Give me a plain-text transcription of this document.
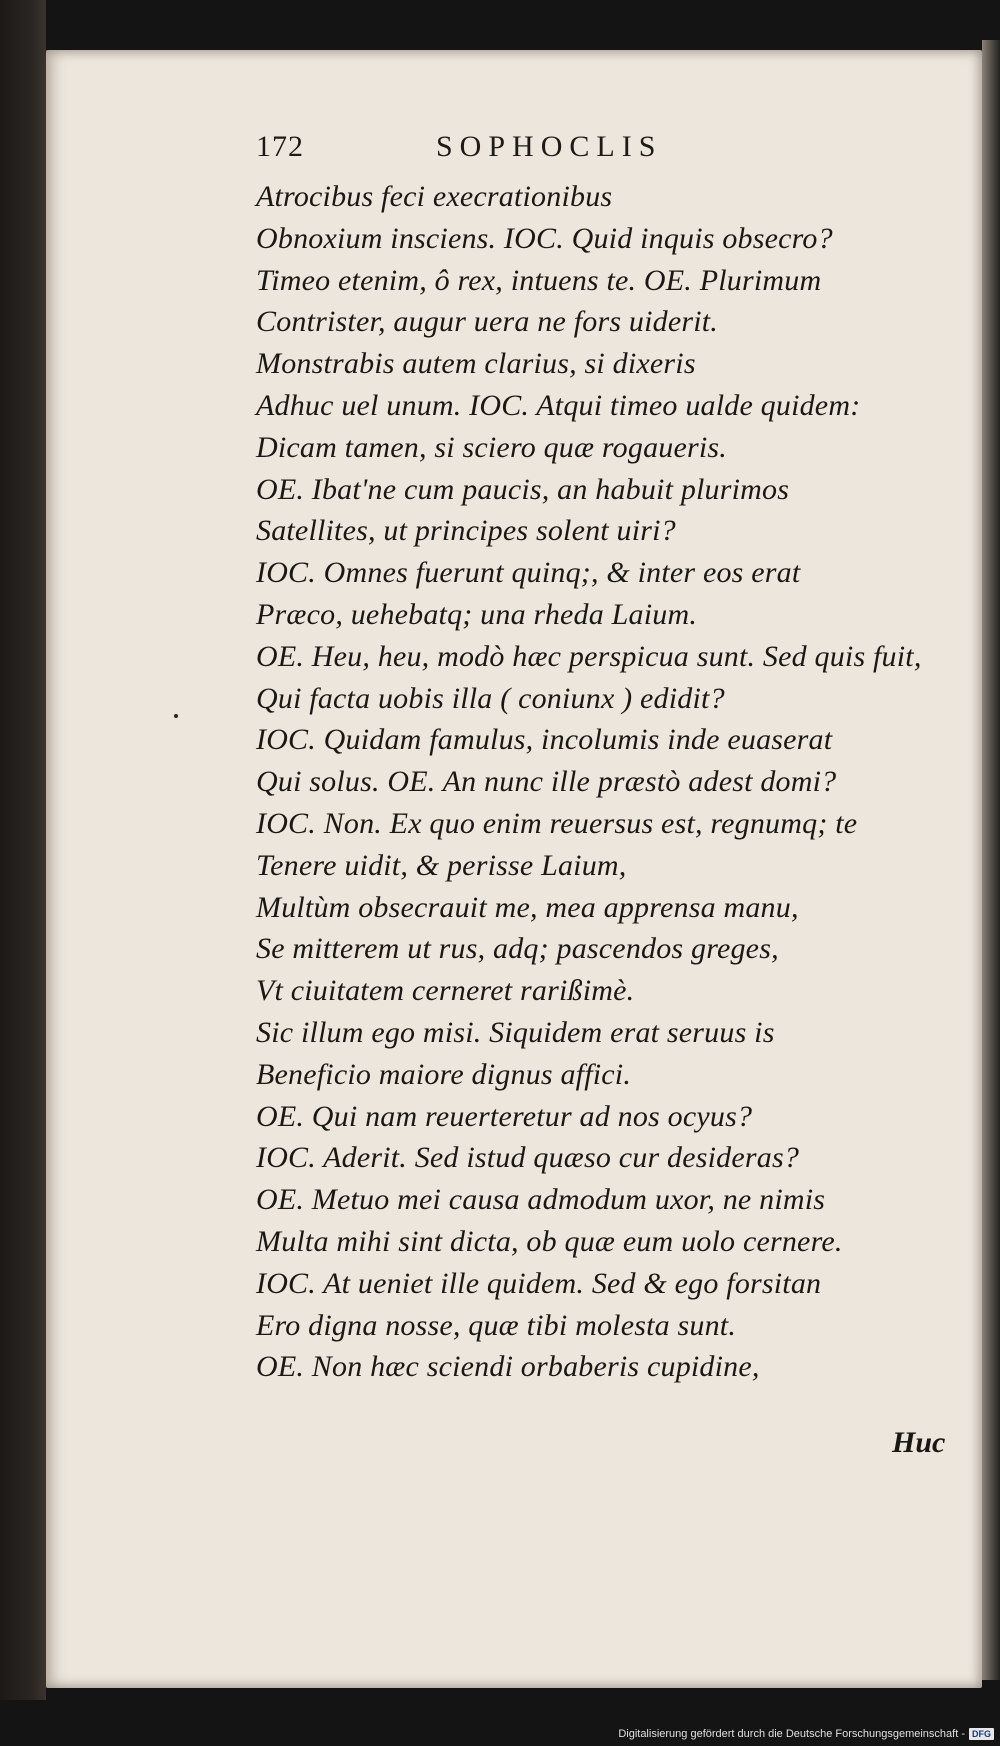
172	SOPHOCLIS
Atrocibus feci execrationibus
Obnoxium insciens. IOC. Quid inquis obsecro?
Timeo etenim, ô rex, intuens te. OE. Plurimum
Contrister, augur uera ne fors uiderit.
Monstrabis autem clarius, si dixeris
Adhuc uel unum. IOC. Atqui timeo ualde quidem:
Dicam tamen, si sciero quæ rogaueris.
OE. Ibat'ne cum paucis, an habuit plurimos
Satellites, ut principes solent uiri?
IOC. Omnes fuerunt quinq;, & inter eos erat
Præco, uehebatq; una rheda Laium.
OE. Heu, heu, modò hæc perspicua sunt. Sed quis fuit,
Qui facta uobis illa ( coniunx ) edidit?
IOC. Quidam famulus, incolumis inde euaserat
Qui solus. OE. An nunc ille præstò adest domi?
IOC. Non. Ex quo enim reuersus est, regnumq; te
Tenere uidit, & perisse Laium,
Multùm obsecrauit me, mea apprensa manu,
Se mitterem ut rus, adq; pascendos greges,
Vt ciuitatem cerneret rarißimè.
Sic illum ego misi. Siquidem erat seruus is
Beneficio maiore dignus affici.
OE. Qui nam reuerteretur ad nos ocyus?
IOC. Aderit. Sed istud quæso cur desideras?
OE. Metuo mei causa admodum uxor, ne nimis
Multa mihi sint dicta, ob quæ eum uolo cernere.
IOC. At ueniet ille quidem. Sed & ego forsitan
Ero digna nosse, quæ tibi molesta sunt.
OE. Non hæc sciendi orbaberis cupidine,
Huc
Digitalisierung gefördert durch die Deutsche Forschungsgemeinschaft - DFG
